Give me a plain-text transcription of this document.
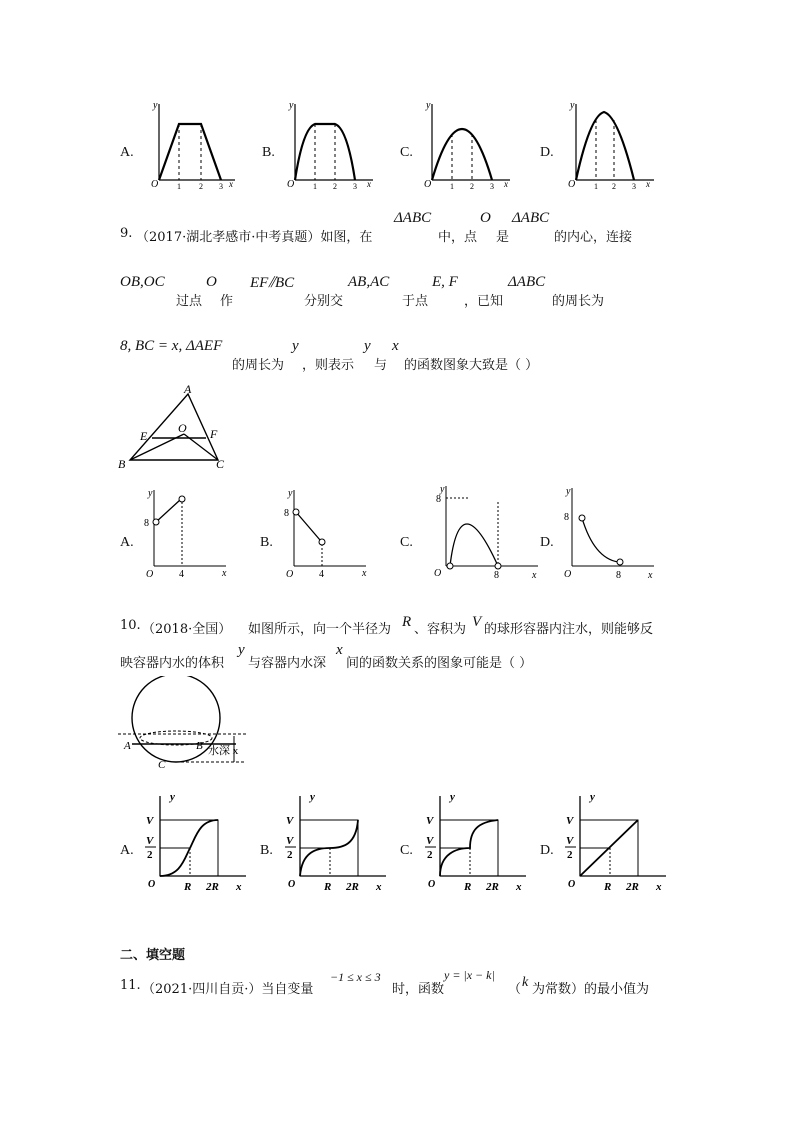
A.	B.	C.	D.
y
O 1 2 3 x
y
O 1 2 3 x
y
O 1 2 3 x
y
O 1 2 3 x
9. （2017·湖北孝感市·中考真题）如图，在
ΔABC
中，点
O
是
ΔABC
的内心，连接
OB,OC
过点
O
作
EF⫽BC
分别交
AB,AC
于点
E, F
，已知
ΔABC
的周长为
8, BC = x, ΔAEF
的周长为
y
，则表示
y
与
x
的函数图象大致是（ ）
A
B	C
E	F
O
A.	B.	C.	D.
y
8
O	4	x
y
8
O	4	x
y
8
O	8	x
y
8
O	8	x
10. （2018·全国） 如图所示，向一个半径为 R 、容积为 V 的球形容器内注水，则能够反
映容器内水的体积
y
与容器内水深
x
间的函数关系的图象可能是（ ）
A	B
C
水深 x
A.	B.	C.	D.
y
V
V
2
O	R 2R x
y
V
V
2
O	R 2R x
y
V
V
2
O	R 2R x
y
V
V
2
O	R 2R x
二、填空题
11. （2021·四川自贡·）当自变量
−1 ≤ x ≤ 3
时，函数
y = |x − k|
（ k 为常数）的最小值为
